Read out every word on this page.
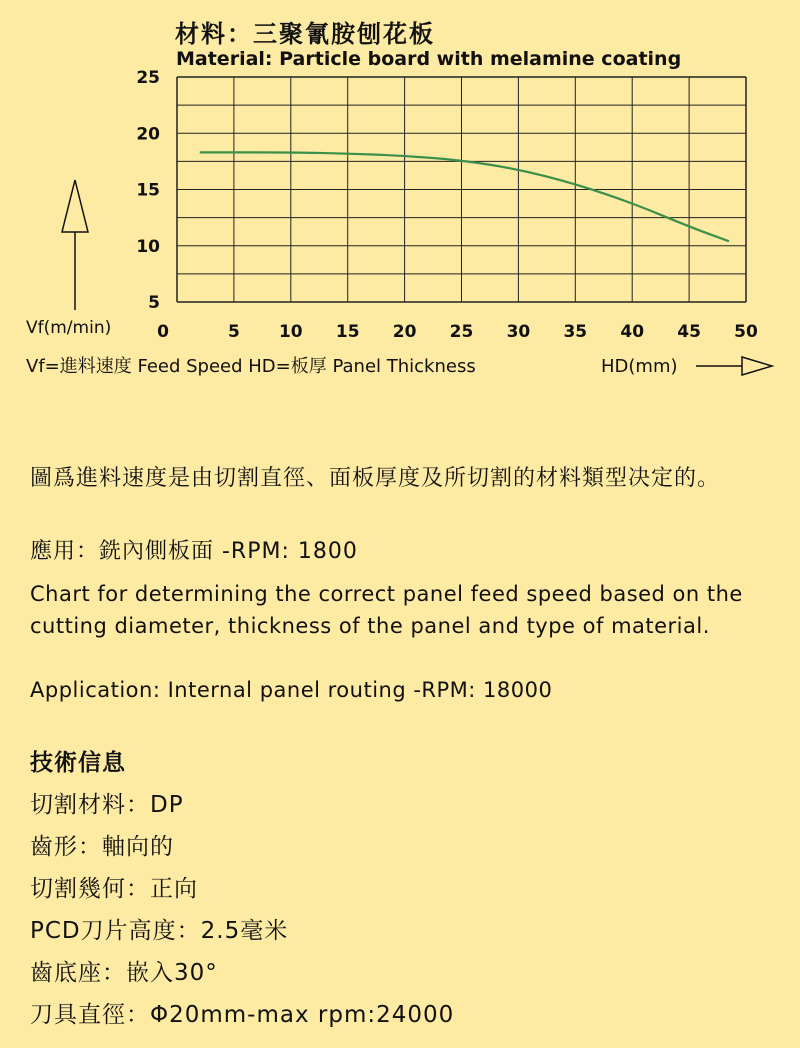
材料：三聚氰胺刨花板
Material: Particle board with melamine coating
5
10
15
20
25
0	5 10 15 20 25 30 35 40 45 50
Vf(m/min)
Vf=進料速度 Feed Speed HD=板厚 Panel Thickness	HD(mm)
圖爲進料速度是由切割直徑、面板厚度及所切割的材料類型决定的。
應用：銑內側板面 -RPM: 1800
Chart for determining the correct panel feed speed based on the cutting diameter, thickness of the panel and type of material.
Application: Internal panel routing -RPM: 18000
技術信息
切割材料：DP
齒形：軸向的
切割幾何：正向
PCD刀片高度：2.5毫米
齒底座：嵌入30°
刀具直徑：Φ20mm-max rpm:24000
